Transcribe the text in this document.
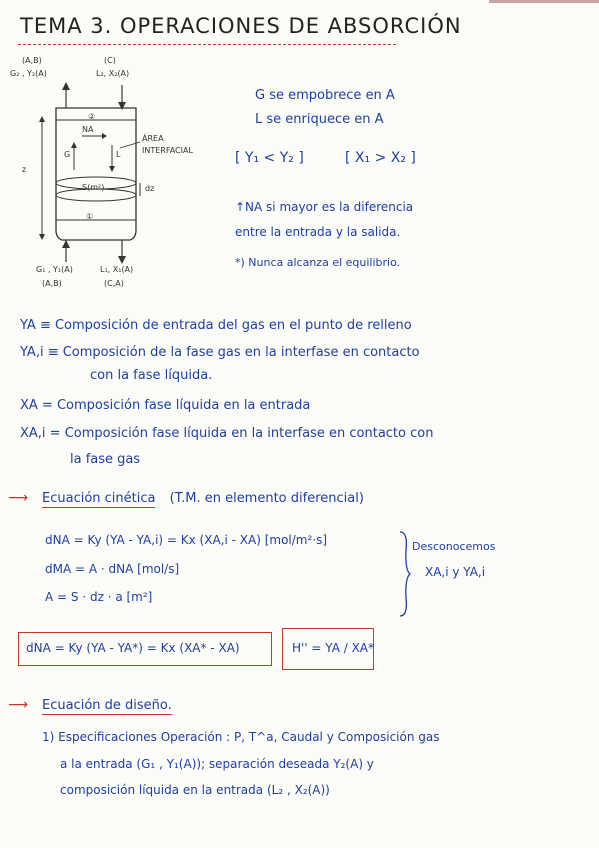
TEMA 3. OPERACIONES DE ABSORCIÓN
(A,B)
G₂ , Y₂(A)
(C)
L₂, X₂(A)
②
①
NA
G	L
z
S(m²)	dz
ÁREA
INTERFACIAL
G₁ , Y₁(A)
(A,B)
L₁, X₁(A)
(C,A)
G se empobrece en A
L se enriquece en A
[ Y₁ < Y₂ ]	[ X₁ > X₂ ]
↑NA si mayor es la diferencia
entre la entrada y la salida.
*) Nunca alcanza el equilibrio.
YA ≡ Composición de entrada del gas en el punto de relleno
YA,i ≡ Composición de la fase gas en la interfase en contacto
con la fase líquida.
XA = Composición fase líquida en la entrada
XA,i = Composición fase líquida en la interfase en contacto con
la fase gas
⟶ Ecuación cinética (T.M. en elemento diferencial)
dNA = Ky (YA - YA,i) = Kx (XA,i - XA) [mol/m²·s]
dMA = A · dNA [mol/s]
A = S · dz · a [m²]
Desconocemos
XA,i y YA,i
dNA = Ky (YA - YA*) = Kx (XA* - XA)	H'' = YA / XA*
⟶ Ecuación de diseño.
1) Especificaciones Operación : P, T^a, Caudal y Composición gas
a la entrada (G₁ , Y₁(A)); separación deseada Y₂(A) y
composición líquida en la entrada (L₂ , X₂(A))
